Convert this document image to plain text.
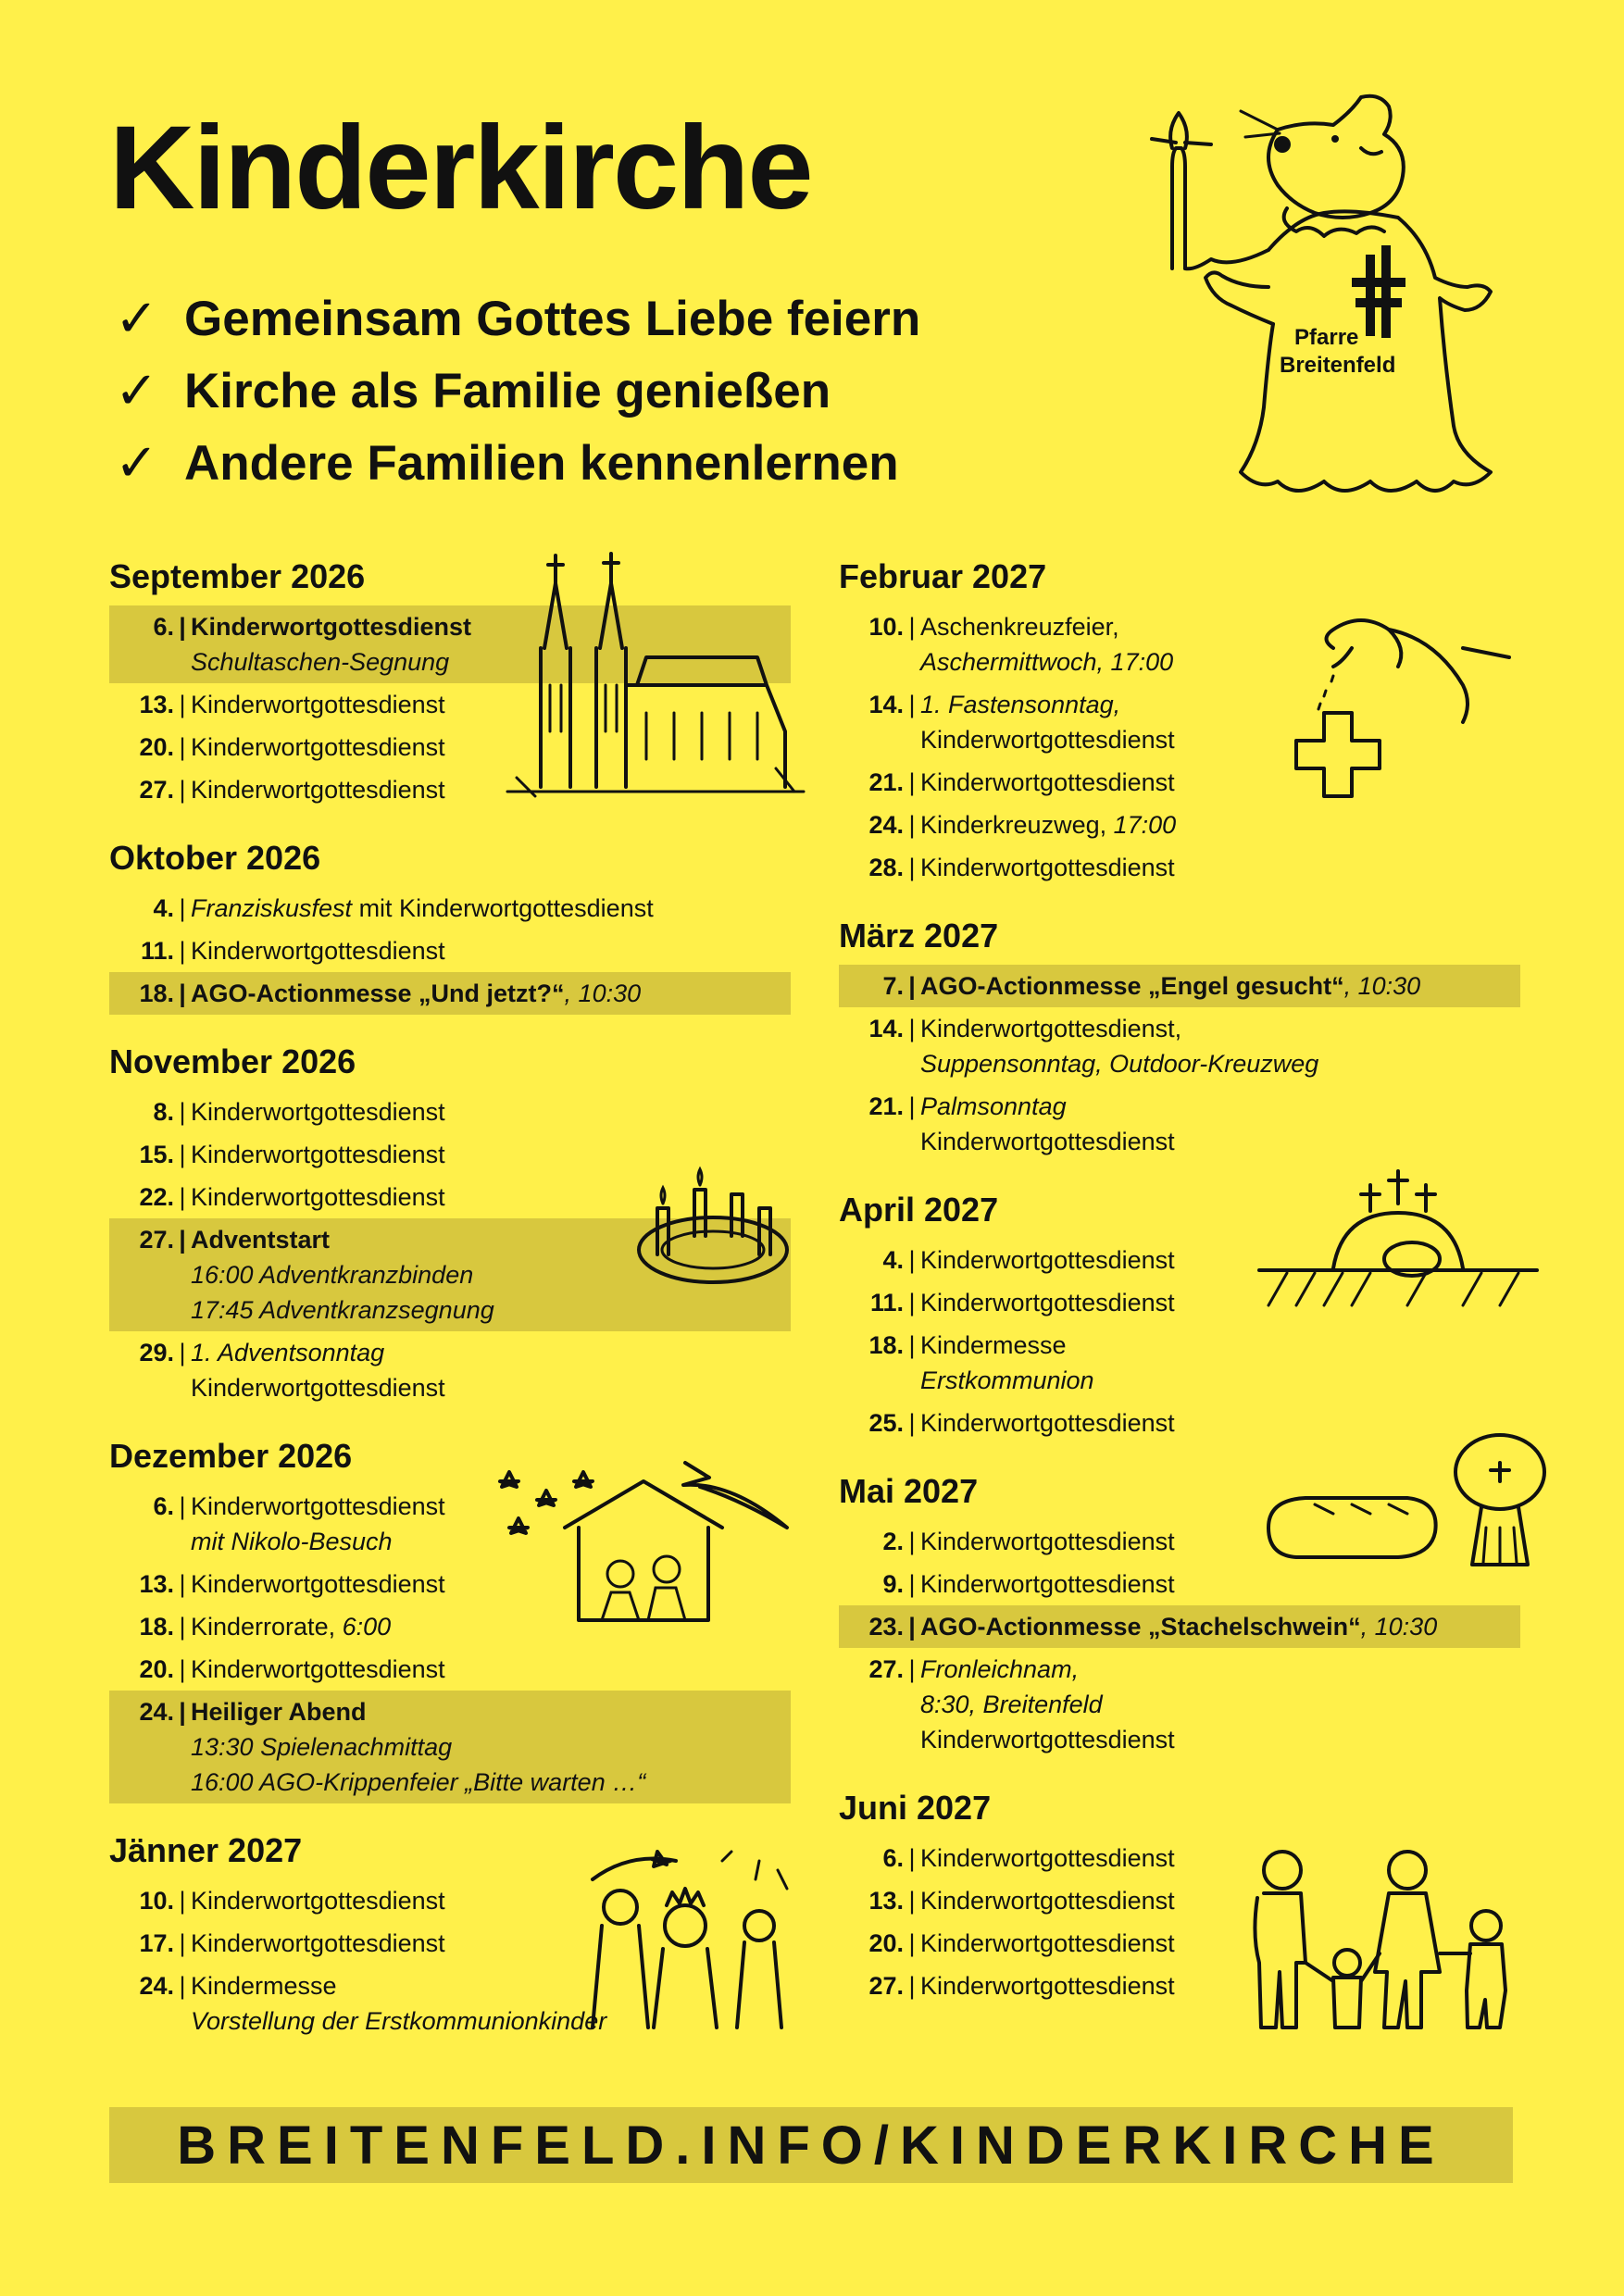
Kinderkirche
✓ Gemeinsam Gottes Liebe feiern
✓ Kirche als Familie genießen
✓ Andere Familien kennenlernen
Pfarre
Breitenfeld
September 2026
6. | Kinderwortgottesdienst
Schultaschen-Segnung
13. | Kinderwortgottesdienst
20. | Kinderwortgottesdienst
27. | Kinderwortgottesdienst
Oktober 2026
4. | Franziskusfest mit Kinderwortgottesdienst
11. | Kinderwortgottesdienst
18. | AGO-Actionmesse „Und jetzt?“, 10:30
November 2026
8. | Kinderwortgottesdienst
15. | Kinderwortgottesdienst
22. | Kinderwortgottesdienst
27. | Adventstart
16:00 Adventkranzbinden
17:45 Adventkranzsegnung
29. | 1. Adventsonntag
Kinderwortgottesdienst
Dezember 2026
6. | Kinderwortgottesdienst
mit Nikolo-Besuch
13. | Kinderwortgottesdienst
18. | Kinderrorate, 6:00
20. | Kinderwortgottesdienst
24. | Heiliger Abend
13:30 Spielenachmittag
16:00 AGO-Krippenfeier „Bitte warten …“
Jänner 2027
10. | Kinderwortgottesdienst
17. | Kinderwortgottesdienst
24. | Kindermesse
Vorstellung der Erstkommunionkinder
Februar 2027
10. | Aschenkreuzfeier,
Aschermittwoch, 17:00
14. | 1. Fastensonntag,
Kinderwortgottesdienst
21. | Kinderwortgottesdienst
24. | Kinderkreuzweg, 17:00
28. | Kinderwortgottesdienst
März 2027
7. | AGO-Actionmesse „Engel gesucht“, 10:30
14. | Kinderwortgottesdienst,
Suppensonntag, Outdoor-Kreuzweg
21. | Palmsonntag
Kinderwortgottesdienst
April 2027
4. | Kinderwortgottesdienst
11. | Kinderwortgottesdienst
18. | Kindermesse
Erstkommunion
25. | Kinderwortgottesdienst
Mai 2027
2. | Kinderwortgottesdienst
9. | Kinderwortgottesdienst
23. | AGO-Actionmesse „Stachelschwein“, 10:30
27. | Fronleichnam,
8:30, Breitenfeld
Kinderwortgottesdienst
Juni 2027
6. | Kinderwortgottesdienst
13. | Kinderwortgottesdienst
20. | Kinderwortgottesdienst
27. | Kinderwortgottesdienst
BREITENFELD.INFO/KINDERKIRCHE
